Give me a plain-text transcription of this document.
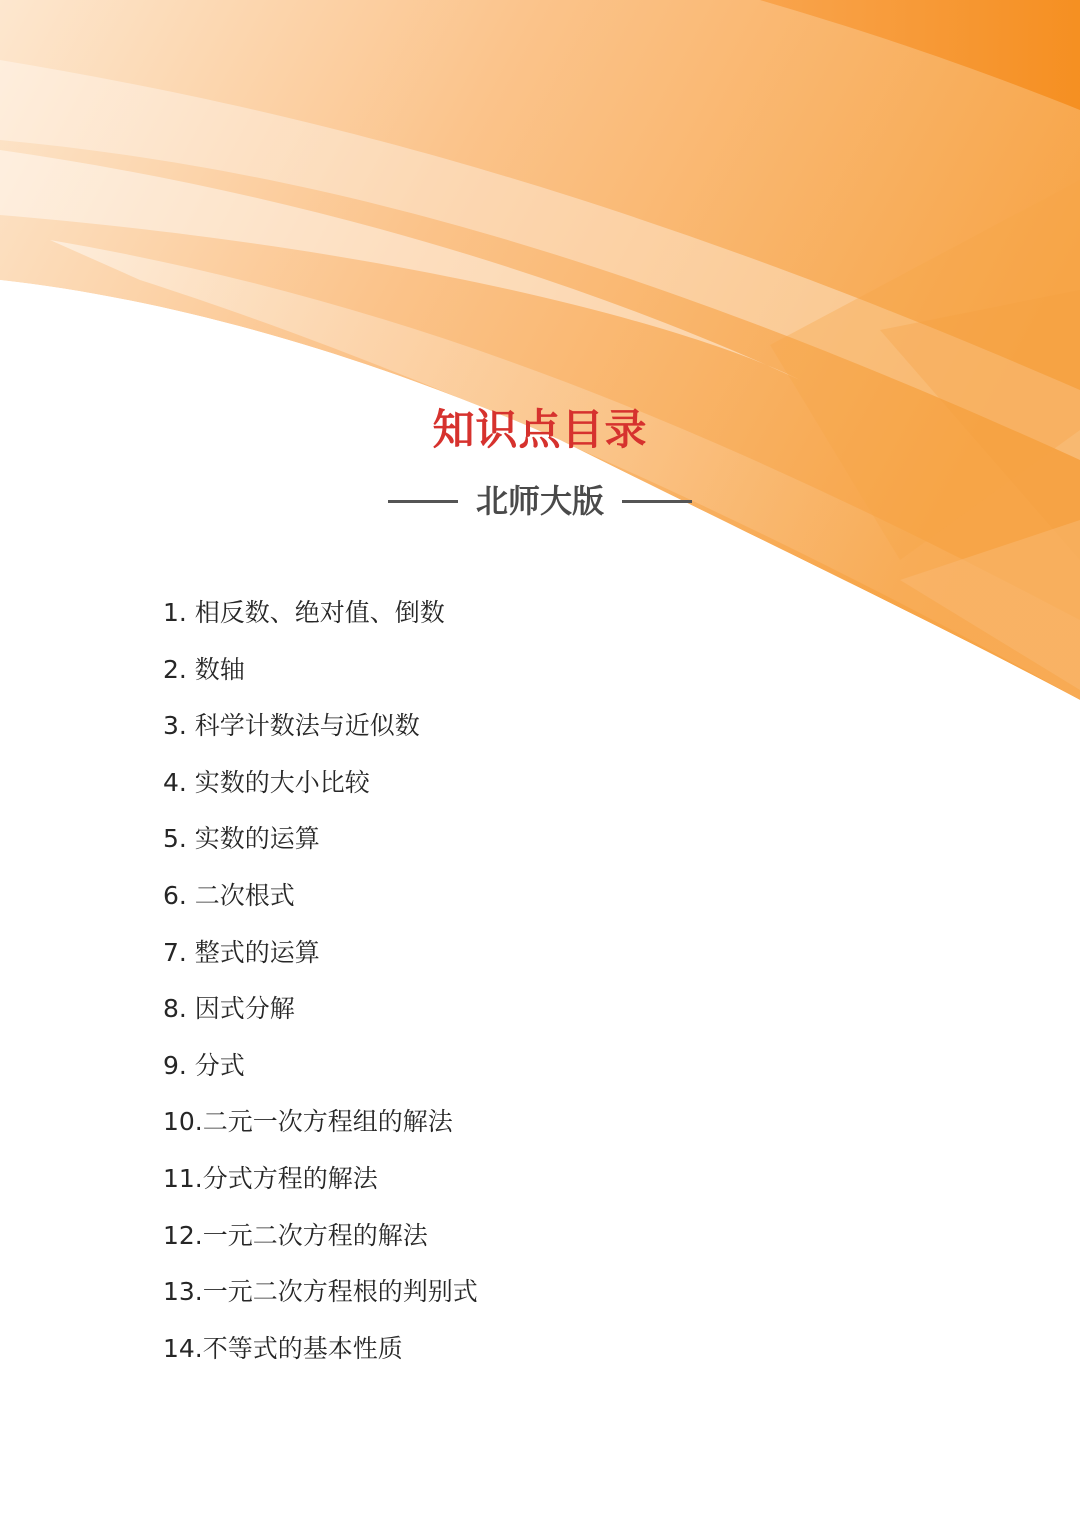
知识点目录
北师大版
1. 相反数、绝对值、倒数
2. 数轴
3. 科学计数法与近似数
4. 实数的大小比较
5. 实数的运算
6. 二次根式
7. 整式的运算
8. 因式分解
9. 分式
10.二元一次方程组的解法
11.分式方程的解法
12.一元二次方程的解法
13.一元二次方程根的判别式
14.不等式的基本性质
